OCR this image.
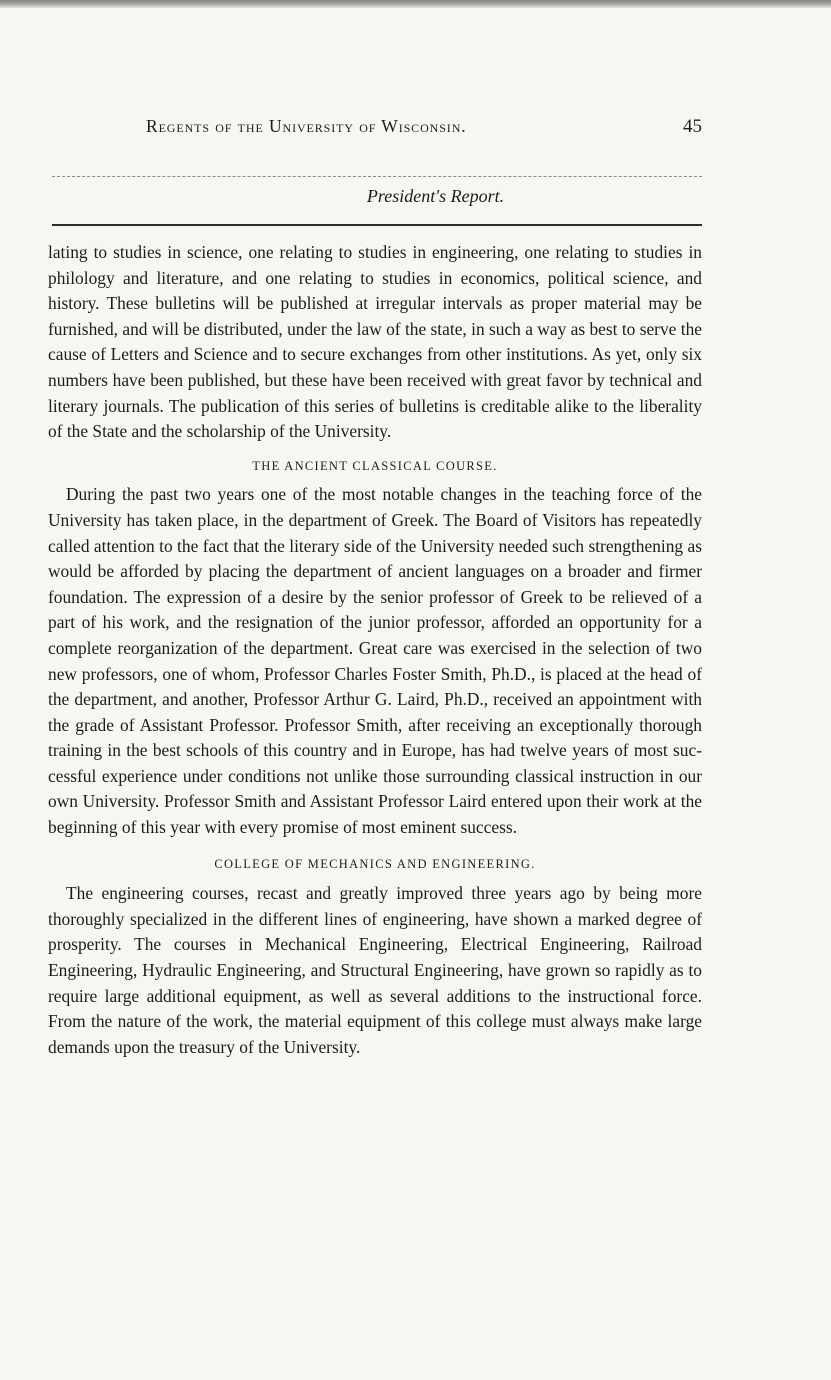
Regents of the University of Wisconsin.	45
President's Report.

lating to studies in science, one relating to studies in engineering, one relating to studies in philology and literature, and one relating to studies in economics, political science, and history. These bulletins will be published at irregular intervals as proper material may be furnished, and will be distributed, under the law of the state, in such a way as best to serve the cause of Letters and Science and to secure exchanges from other institutions. As yet, only six numbers have been published, but these have been received with great favor by technical and literary journals. The publication of this series of bulletins is creditable alike to the liberality of the State and the scholarship of the University.

THE ANCIENT CLASSICAL COURSE.

During the past two years one of the most notable changes in the teaching force of the University has taken place, in the department of Greek. The Board of Visitors has repeatedly called attention to the fact that the literary side of the University needed such strengthening as would be afforded by placing the department of ancient languages on a broader and firmer foundation. The expression of a desire by the senior professor of Greek to be relieved of a part of his work, and the resignation of the junior professor, afforded an opportunity for a complete reorganization of the department. Great care was exercised in the selection of two new professors, one of whom, Professor Charles Foster Smith, Ph.D., is placed at the head of the department, and another, Professor Arthur G. Laird, Ph.D., received an appointment with the grade of Assistant Professor. Professor Smith, after receiving an exceptionally thorough training in the best schools of this country and in Europe, has had twelve years of most successful experience under conditions not unlike those surrounding classical instruction in our own University. Professor Smith and Assistant Professor Laird entered upon their work at the beginning of this year with every promise of most eminent success.

COLLEGE OF MECHANICS AND ENGINEERING.

The engineering courses, recast and greatly improved three years ago by being more thoroughly specialized in the different lines of engineering, have shown a marked degree of prosperity. The courses in Mechanical Engineering, Electrical Engineering, Railroad Engineering, Hydraulic Engineering, and Structural Engineering, have grown so rapidly as to require large additional equipment, as well as several additions to the instructional force. From the nature of the work, the material equipment of this college must always make large demands upon the treasury of the University.
